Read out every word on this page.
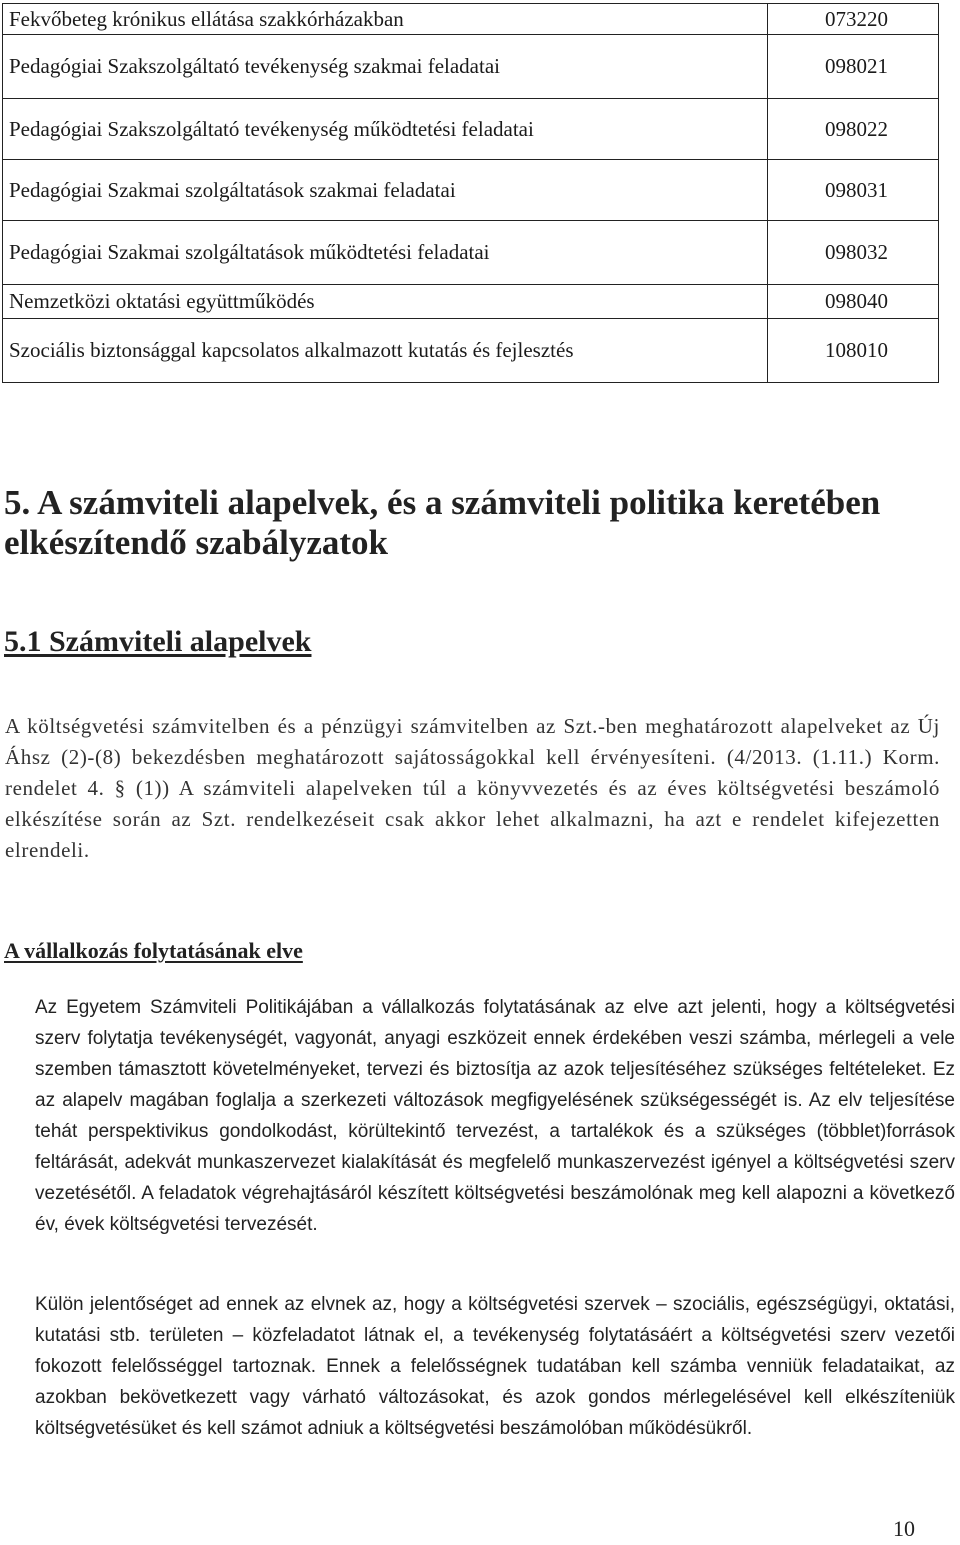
Fekvőbeteg krónikus ellátása szakkórházakban	073220
Pedagógiai Szakszolgáltató tevékenység szakmai feladatai	098021
Pedagógiai Szakszolgáltató tevékenység működtetési feladatai	098022
Pedagógiai Szakmai szolgáltatások szakmai feladatai	098031
Pedagógiai Szakmai szolgáltatások működtetési feladatai	098032
Nemzetközi oktatási együttműködés	098040
Szociális biztonsággal kapcsolatos alkalmazott kutatás és fejlesztés	108010
5. A számviteli alapelvek, és a számviteli politika keretében elkészítendő szabályzatok
5.1 Számviteli alapelvek

A költségvetési számvitelben és a pénzügyi számvitelben az Szt.-ben meghatározott alapelveket az Új Áhsz (2)-(8) bekezdésben meghatározott sajátosságokkal kell érvényesíteni. (4/2013. (1.11.) Korm. rendelet 4. § (1)) A számviteli alapelveken túl a könyvvezetés és az éves költségvetési beszámoló elkészítése során az Szt. rendelkezéseit csak akkor lehet alkalmazni, ha azt e rendelet kifejezetten elrendeli.

A vállalkozás folytatásának elve

Az Egyetem Számviteli Politikájában a vállalkozás folytatásának az elve azt jelenti, hogy a költségvetési szerv folytatja tevékenységét, vagyonát, anyagi eszközeit ennek érdekében veszi számba, mérlegeli a vele szemben támasztott követelményeket, tervezi és biztosítja az azok teljesítéséhez szükséges feltételeket. Ez az alapelv magában foglalja a szerkezeti változások megfigyelésének szükségességét is. Az elv teljesítése tehát perspektivikus gondolkodást, körültekintő tervezést, a tartalékok és a szükséges (többlet)források feltárását, adekvát munkaszervezet kialakítását és megfelelő munkaszervezést igényel a költségvetési szerv vezetésétől. A feladatok végrehajtásáról készített költségvetési beszámolónak meg kell alapozni a következő év, évek költségvetési tervezését.

Külön jelentőséget ad ennek az elvnek az, hogy a költségvetési szervek – szociális, egészségügyi, oktatási, kutatási stb. területen – közfeladatot látnak el, a tevékenység folytatásáért a költségvetési szerv vezetői fokozott felelősséggel tartoznak. Ennek a felelősségnek tudatában kell számba venniük feladataikat, az azokban bekövetkezett vagy várható változásokat, és azok gondos mérlegelésével kell elkészíteniük költségvetésüket és kell számot adniuk a költségvetési beszámolóban működésükről.

10
